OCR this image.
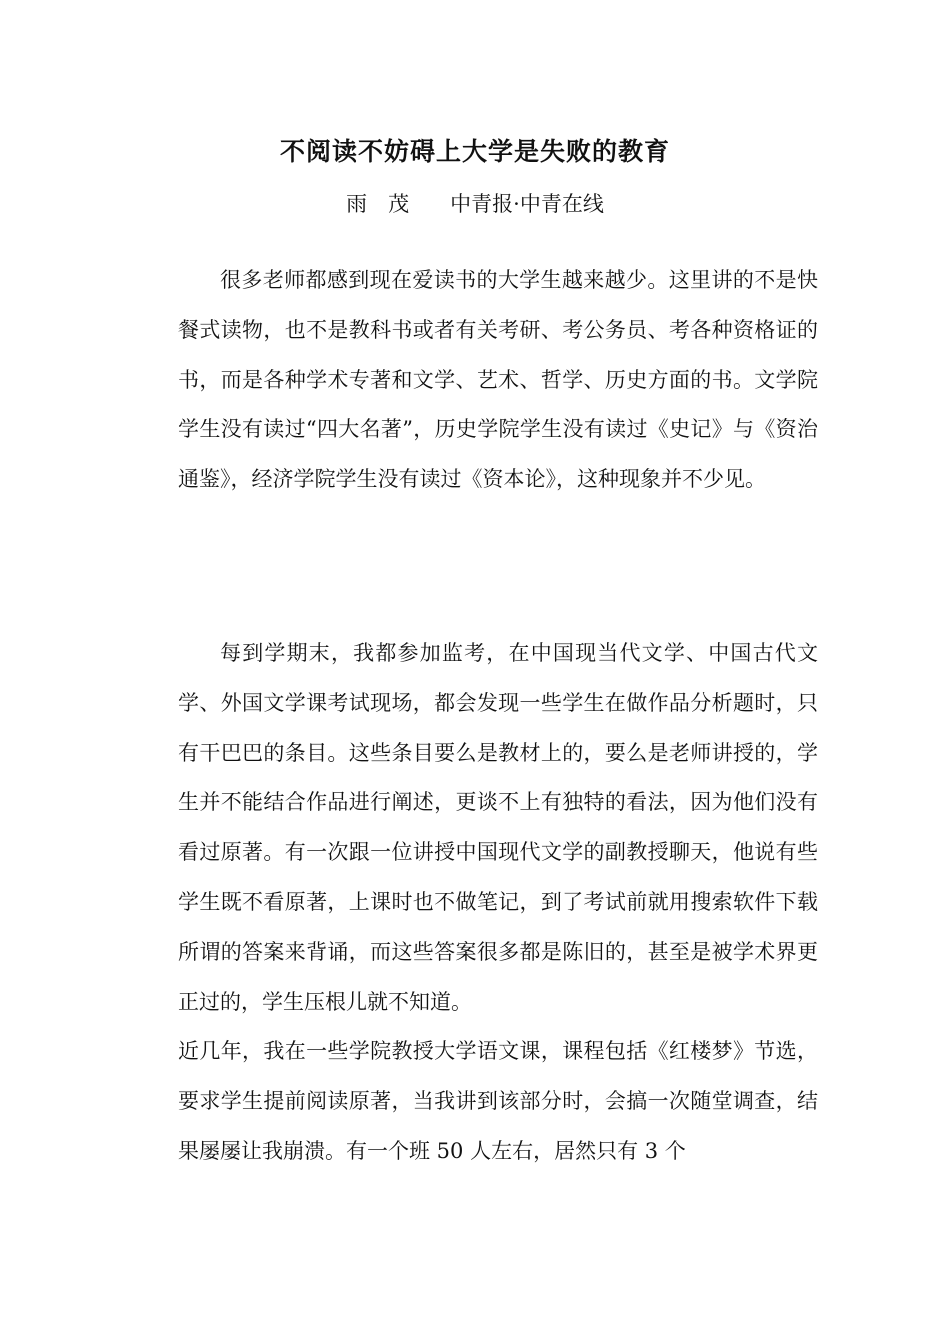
不阅读不妨碍上大学是失败的教育

雨茂 中青报·中青在线

很多老师都感到现在爱读书的大学生越来越少。这里讲的不是快餐式读物，也不是教科书或者有关考研、考公务员、考各种资格证的书，而是各种学术专著和文学、艺术、哲学、历史方面的书。文学院学生没有读过“四大名著”，历史学院学生没有读过《史记》与《资治通鉴》，经济学院学生没有读过《资本论》，这种现象并不少见。

每到学期末，我都参加监考，在中国现当代文学、中国古代文学、外国文学课考试现场，都会发现一些学生在做作品分析题时，只有干巴巴的条目。这些条目要么是教材上的，要么是老师讲授的，学生并不能结合作品进行阐述，更谈不上有独特的看法，因为他们没有看过原著。有一次跟一位讲授中国现代文学的副教授聊天，他说有些学生既不看原著，上课时也不做笔记，到了考试前就用搜索软件下载所谓的答案来背诵，而这些答案很多都是陈旧的，甚至是被学术界更正过的，学生压根儿就不知道。

近几年，我在一些学院教授大学语文课，课程包括《红楼梦》节选，要求学生提前阅读原著，当我讲到该部分时，会搞一次随堂调查，结果屡屡让我崩溃。有一个班 50 人左右，居然只有 3 个
